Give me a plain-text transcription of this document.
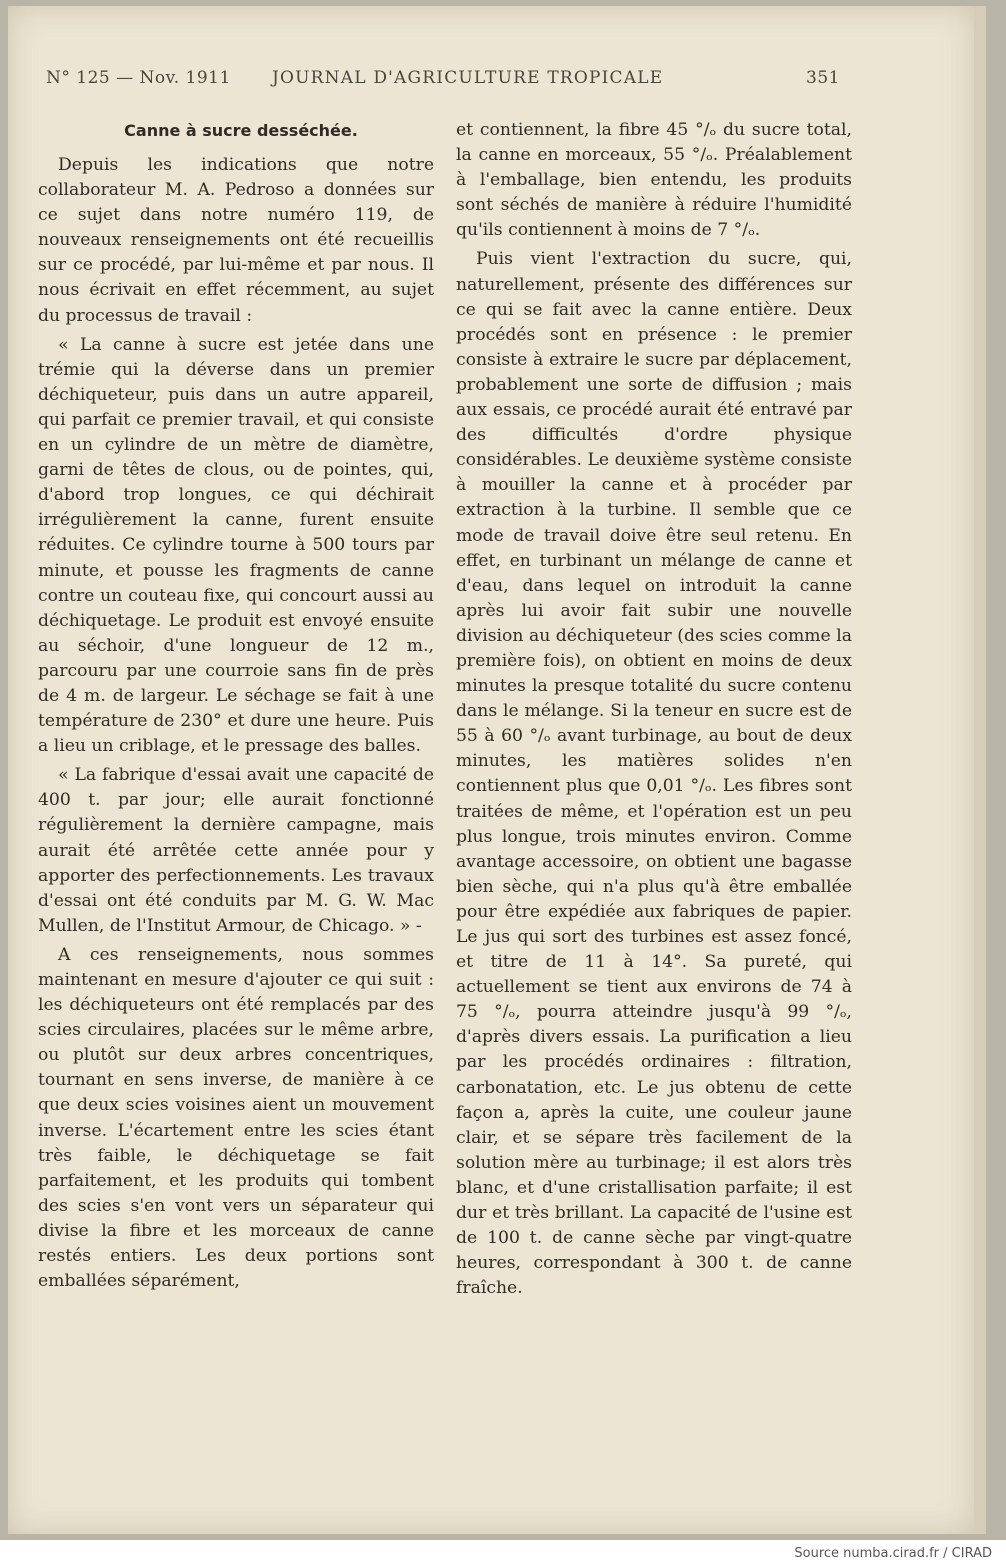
N° 125 — Nov. 1911 JOURNAL D'AGRICULTURE TROPICALE	351
Canne à sucre desséchée.

Depuis les indications que notre collaborateur M. A. Pedroso a données sur ce sujet dans notre numéro 119, de nouveaux renseignements ont été recueillis sur ce procédé, par lui-même et par nous. Il nous écrivait en effet récemment, au sujet du processus de travail :

« La canne à sucre est jetée dans une trémie qui la déverse dans un premier déchiqueteur, puis dans un autre appareil, qui parfait ce premier travail, et qui consiste en un cylindre de un mètre de diamètre, garni de têtes de clous, ou de pointes, qui, d'abord trop longues, ce qui déchirait irrégulièrement la canne, furent ensuite réduites. Ce cylindre tourne à 500 tours par minute, et pousse les fragments de canne contre un couteau fixe, qui concourt aussi au déchiquetage. Le produit est envoyé ensuite au séchoir, d'une longueur de 12 m., parcouru par une courroie sans fin de près de 4 m. de largeur. Le séchage se fait à une température de 230° et dure une heure. Puis a lieu un criblage, et le pressage des balles.

« La fabrique d'essai avait une capacité de 400 t. par jour; elle aurait fonctionné régulièrement la dernière campagne, mais aurait été arrêtée cette année pour y apporter des perfectionnements. Les travaux d'essai ont été conduits par M. G. W. Mac Mullen, de l'Institut Armour, de Chicago. » -

A ces renseignements, nous sommes maintenant en mesure d'ajouter ce qui suit : les déchiqueteurs ont été remplacés par des scies circulaires, placées sur le même arbre, ou plutôt sur deux arbres concentriques, tournant en sens inverse, de manière à ce que deux scies voisines aient un mouvement inverse. L'écartement entre les scies étant très faible, le déchiquetage se fait parfaitement, et les produits qui tombent des scies s'en vont vers un séparateur qui divise la fibre et les morceaux de canne restés entiers. Les deux portions sont emballées séparément,

et contiennent, la fibre 45 °/ₒ du sucre total, la canne en morceaux, 55 °/ₒ. Préalablement à l'emballage, bien entendu, les produits sont séchés de manière à réduire l'humidité qu'ils contiennent à moins de 7 °/ₒ.

Puis vient l'extraction du sucre, qui, naturellement, présente des différences sur ce qui se fait avec la canne entière. Deux procédés sont en présence : le premier consiste à extraire le sucre par déplacement, probablement une sorte de diffusion ; mais aux essais, ce procédé aurait été entravé par des difficultés d'ordre physique considérables. Le deuxième système consiste à mouiller la canne et à procéder par extraction à la turbine. Il semble que ce mode de travail doive être seul retenu. En effet, en turbinant un mélange de canne et d'eau, dans lequel on introduit la canne après lui avoir fait subir une nouvelle division au déchiqueteur (des scies comme la première fois), on obtient en moins de deux minutes la presque totalité du sucre contenu dans le mélange. Si la teneur en sucre est de 55 à 60 °/ₒ avant turbinage, au bout de deux minutes, les matières solides n'en contiennent plus que 0,01 °/ₒ. Les fibres sont traitées de même, et l'opération est un peu plus longue, trois minutes environ. Comme avantage accessoire, on obtient une bagasse bien sèche, qui n'a plus qu'à être emballée pour être expédiée aux fabriques de papier. Le jus qui sort des turbines est assez foncé, et titre de 11 à 14°. Sa pureté, qui actuellement se tient aux environs de 74 à 75 °/ₒ, pourra atteindre jusqu'à 99 °/ₒ, d'après divers essais. La purification a lieu par les procédés ordinaires : filtration, carbonatation, etc. Le jus obtenu de cette façon a, après la cuite, une couleur jaune clair, et se sépare très facilement de la solution mère au turbinage; il est alors très blanc, et d'une cristallisation parfaite; il est dur et très brillant. La capacité de l'usine est de 100 t. de canne sèche par vingt-quatre heures, correspondant à 300 t. de canne fraîche.

Source numba.cirad.fr / CIRAD
